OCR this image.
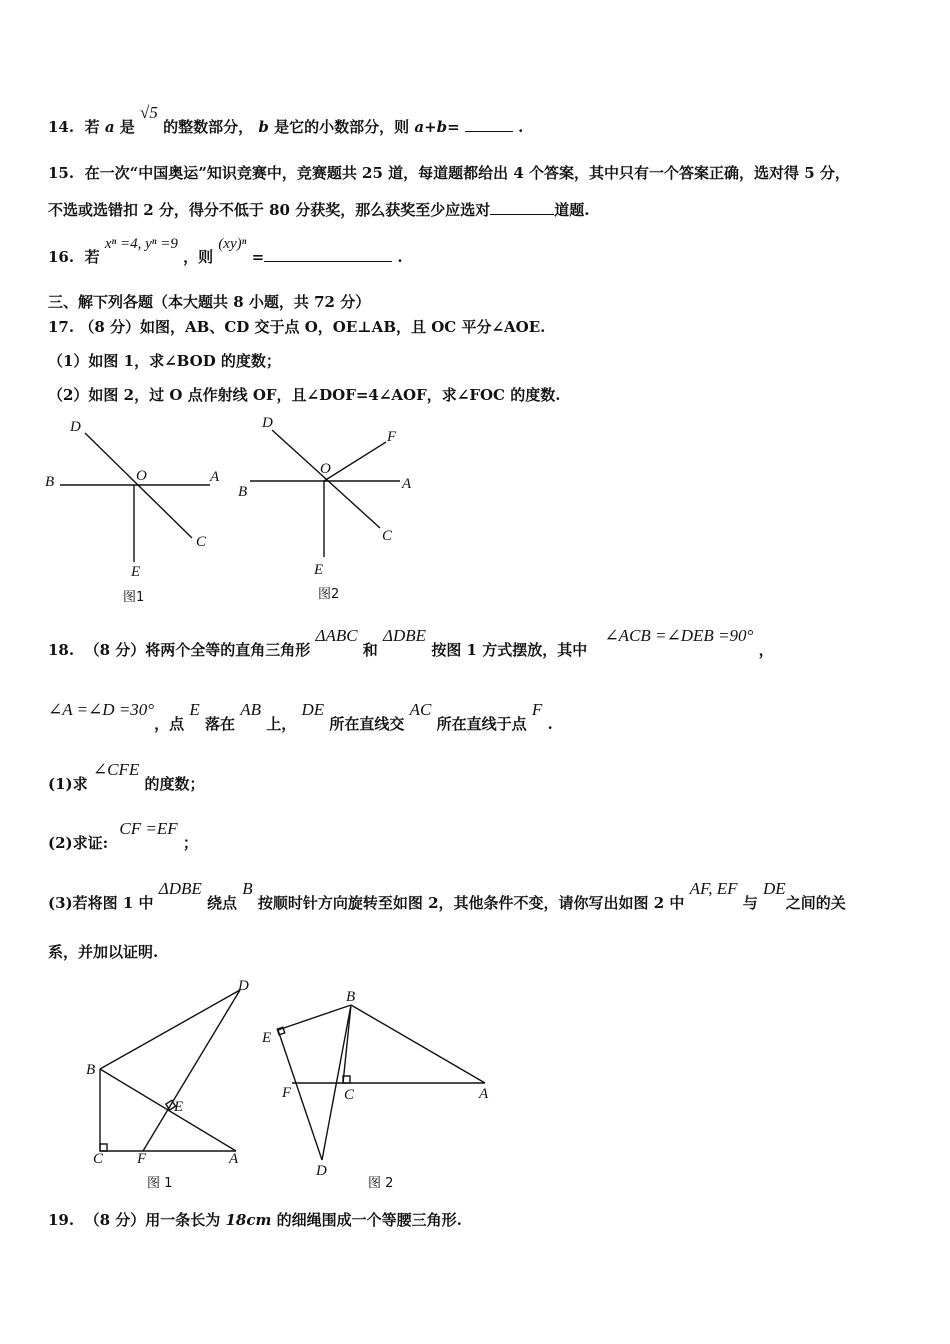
14. 若 a 是 √5 的整数部分， b 是它的小数部分，则 a+b=	.
15. 在一次“中国奥运”知识竞赛中，竞赛题共 25 道，每道题都给出 4 个答案，其中只有一个答案正确，选对得 5 分，
不选或选错扣 2 分，得分不低于 80 分获奖，那么获奖至少应选对	道题.
16. 若 xⁿ =4, yⁿ =9 ，则 (xy)ⁿ =	.
三、解下列各题（本大题共 8 小题，共 72 分）
17. （8 分）如图，AB、CD 交于点 O，OE⊥AB，且 OC 平分∠AOE.
（1）如图 1，求∠BOD 的度数；
（2）如图 2，过 O 点作射线 OF，且∠DOF=4∠AOF，求∠FOC 的度数.
D
O
B	A
C
E
图1
D
F
O
B	A
C
E
图2
18. （8 分）将两个全等的直角三角形 ΔABC 和 ΔDBE 按图 1 方式摆放，其中 ∠ACB =∠DEB =90° ，
∠A =∠D =30°，点 E 落在 AB 上， DE 所在直线交 AC 所在直线于点 F .
(1)求 ∠CFE 的度数；
(2)求证: CF =EF ；
(3)若将图 1 中 ΔDBE 绕点 B 按顺时针方向旋转至如图 2，其他条件不变，请你写出如图 2 中 AF, EF 与 DE之间的关
系，并加以证明.
D
B
E
C F	A
图 1
B
E
F	C	A
D
图 2
19. （8 分）用一条长为 18cm 的细绳围成一个等腰三角形.
